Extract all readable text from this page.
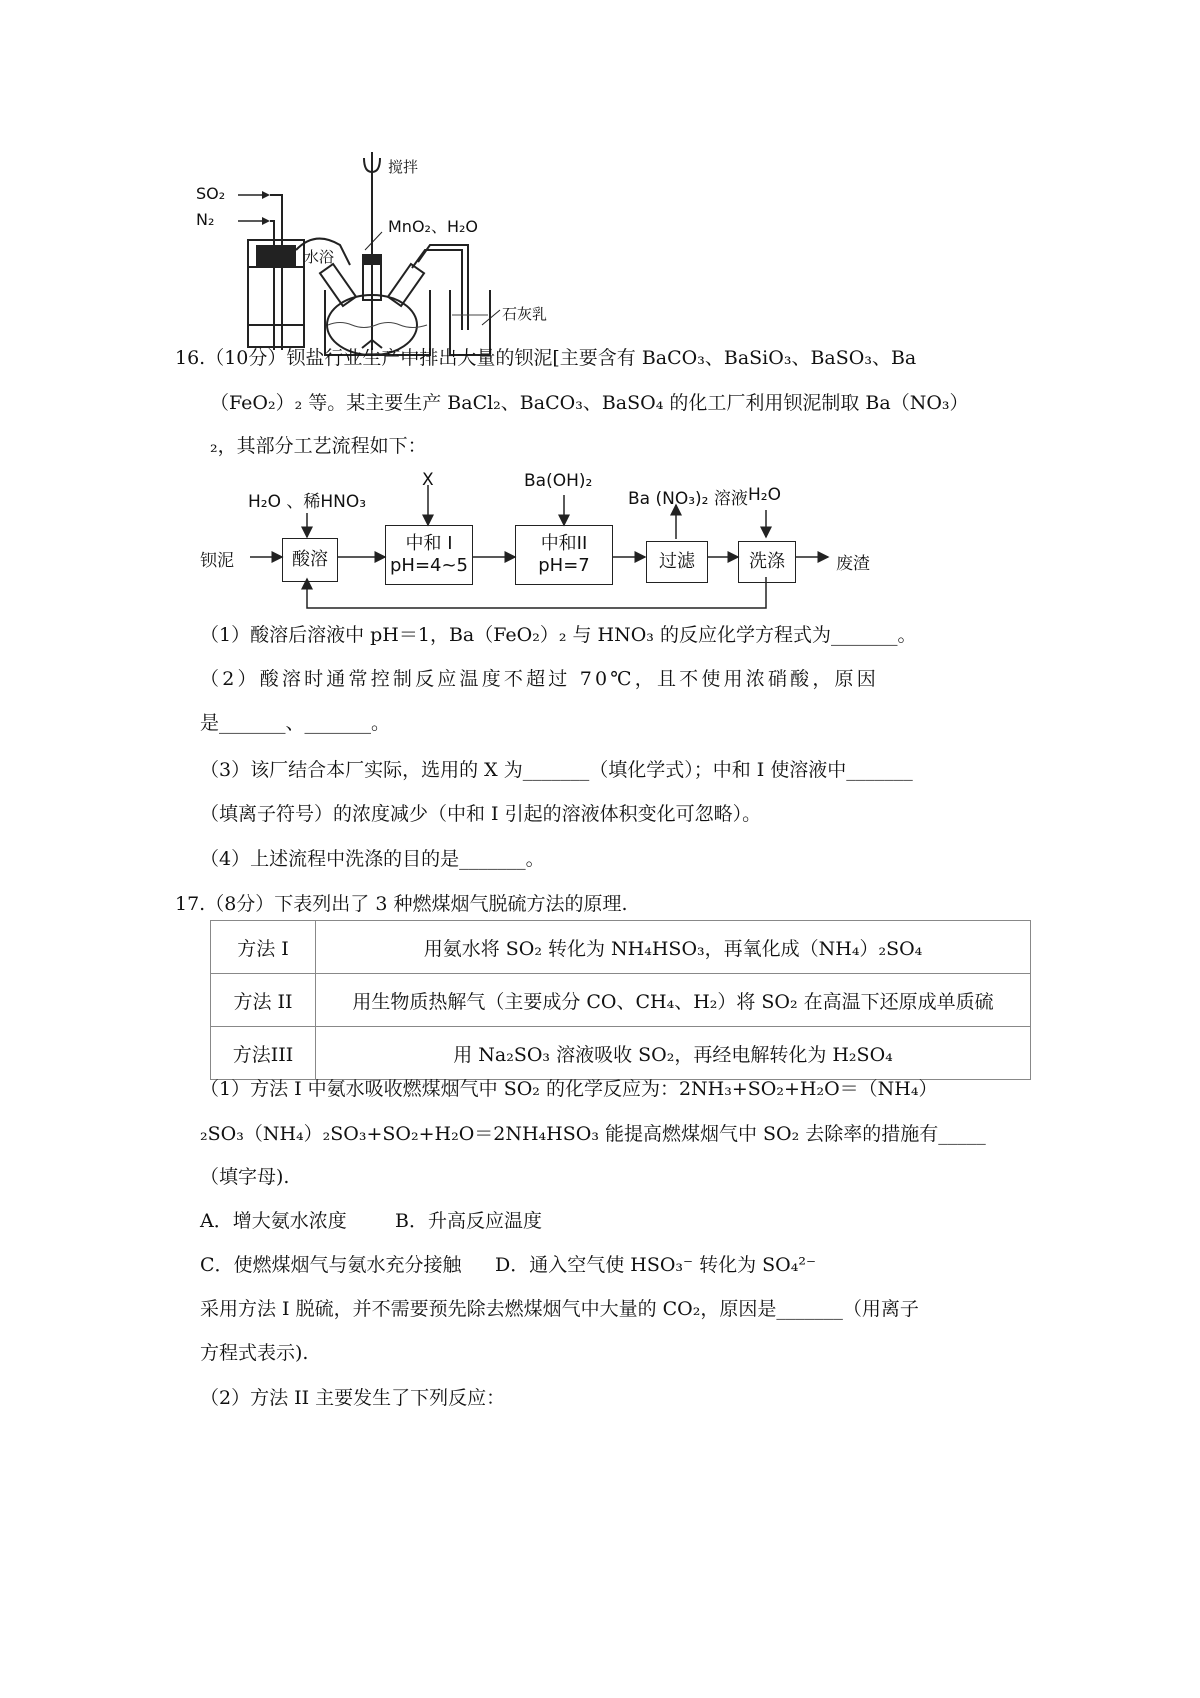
搅拌
SO₂
N₂	MnO₂、H₂O
水浴
石灰乳
16.（10分）钡盐行业生产中排出大量的钡泥[主要含有 BaCO₃、BaSiO₃、BaSO₃、Ba
（FeO₂）₂ 等。某主要生产 BaCl₂、BaCO₃、BaSO₄ 的化工厂利用钡泥制取 Ba（NO₃）
₂，其部分工艺流程如下：
H₂O 、稀HNO₃
X	Ba(OH)₂
Ba (NO₃)₂ 溶液 H₂O
钡泥	酸溶
中和 I
pH=4~5
中和II
pH=7	过滤	洗涤	废渣
（1）酸溶后溶液中 pH＝1，Ba（FeO₂）₂ 与 HNO₃ 的反应化学方程式为_______。
（2）酸溶时通常控制反应温度不超过 70℃，且不使用浓硝酸，原因
是_______、_______。
（3）该厂结合本厂实际，选用的 X 为_______（填化学式）；中和 I 使溶液中_______
（填离子符号）的浓度减少（中和 I 引起的溶液体积变化可忽略）。
（4）上述流程中洗涤的目的是_______。
17.（8分）下表列出了 3 种燃煤烟气脱硫方法的原理.
方法 I	用氨水将 SO₂ 转化为 NH₄HSO₃，再氧化成（NH₄）₂SO₄
方法 II	用生物质热解气（主要成分 CO、CH₄、H₂）将 SO₂ 在高温下还原成单质硫
方法III	用 Na₂SO₃ 溶液吸收 SO₂，再经电解转化为 H₂SO₄
（1）方法 I 中氨水吸收燃煤烟气中 SO₂ 的化学反应为：2NH₃+SO₂+H₂O＝（NH₄）
₂SO₃（NH₄）₂SO₃+SO₂+H₂O＝2NH₄HSO₃ 能提高燃煤烟气中 SO₂ 去除率的措施有_____
（填字母).
A．增大氨水浓度	B．升高反应温度
C．使燃煤烟气与氨水充分接触 D．通入空气使 HSO₃⁻ 转化为 SO₄²⁻
采用方法 I 脱硫，并不需要预先除去燃煤烟气中大量的 CO₂，原因是_______（用离子
方程式表示).
（2）方法 II 主要发生了下列反应：
